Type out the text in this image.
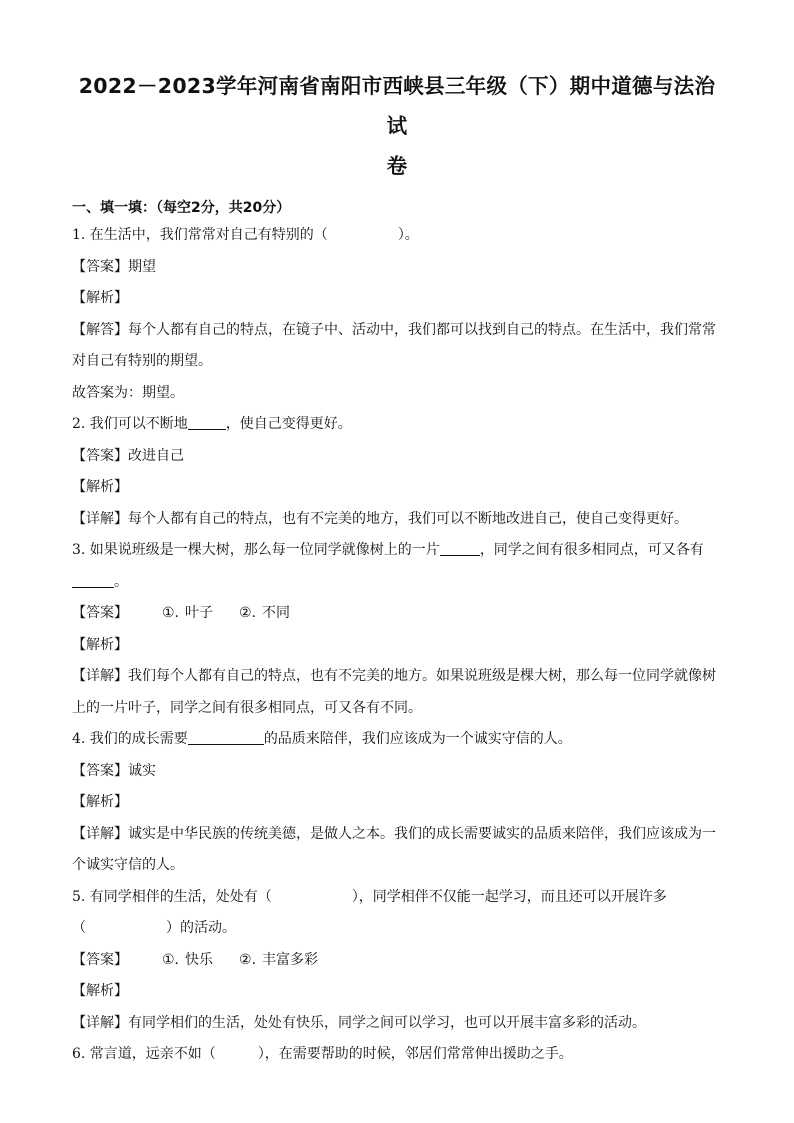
2022－2023学年河南省南阳市西峡县三年级（下）期中道德与法治试
卷
一、填一填：（每空2分，共20分）
1. 在生活中，我们常常对自己有特别的（	）。
【答案】期望
【解析】
【解答】每个人都有自己的特点，在镜子中、活动中，我们都可以找到自己的特点。在生活中，我们常常
对自己有特别的期望。
故答案为：期望。
2. 我们可以不断地	，使自己变得更好。
【答案】改进自己
【解析】
【详解】每个人都有自己的特点，也有不完美的地方，我们可以不断地改进自己，使自己变得更好。
3. 如果说班级是一棵大树，那么每一位同学就像树上的一片	，同学之间有很多相同点，可又各有
。
【答案】 ①. 叶子 ②. 不同
【解析】
【详解】我们每个人都有自己的特点，也有不完美的地方。如果说班级是棵大树，那么每一位同学就像树
上的一片叶子，同学之间有很多相同点，可又各有不同。
4. 我们的成长需要	的品质来陪伴，我们应该成为一个诚实守信的人。
【答案】诚实
【解析】
【详解】诚实是中华民族的传统美德，是做人之本。我们的成长需要诚实的品质来陪伴，我们应该成为一
个诚实守信的人。
5. 有同学相伴的生活，处处有（	），同学相伴不仅能一起学习，而且还可以开展许多
（	）的活动。
【答案】 ①. 快乐 ②. 丰富多彩
【解析】
【详解】有同学相们的生活，处处有快乐，同学之间可以学习，也可以开展丰富多彩的活动。
6. 常言道，远亲不如（	），在需要帮助的时候，邻居们常常伸出援助之手。
